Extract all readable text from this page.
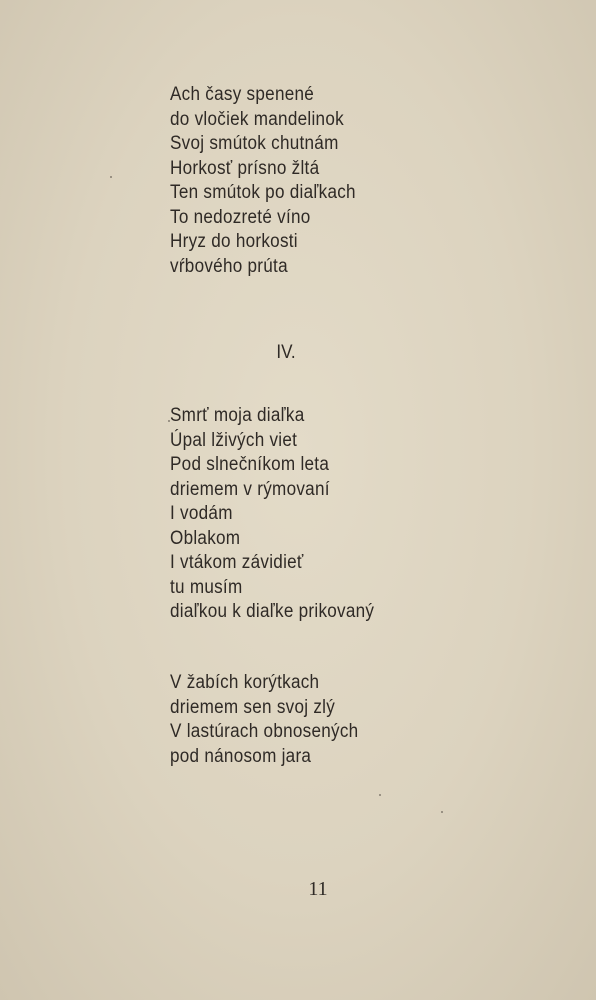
Ach časy spenené
do vločiek mandelinok
Svoj smútok chutnám
Horkosť prísno žltá
Ten smútok po diaľkach
To nedozreté víno
Hryz do horkosti
vŕbového prúta
IV.
Smrť moja diaľka
Úpal lživých viet
Pod slnečníkom leta
driemem v rýmovaní
I vodám
Oblakom
I vtákom závidieť
tu musím
diaľkou k diaľke prikovaný
V žabích korýtkach
driemem sen svoj zlý
V lastúrach obnosených
pod nánosom jara
11
